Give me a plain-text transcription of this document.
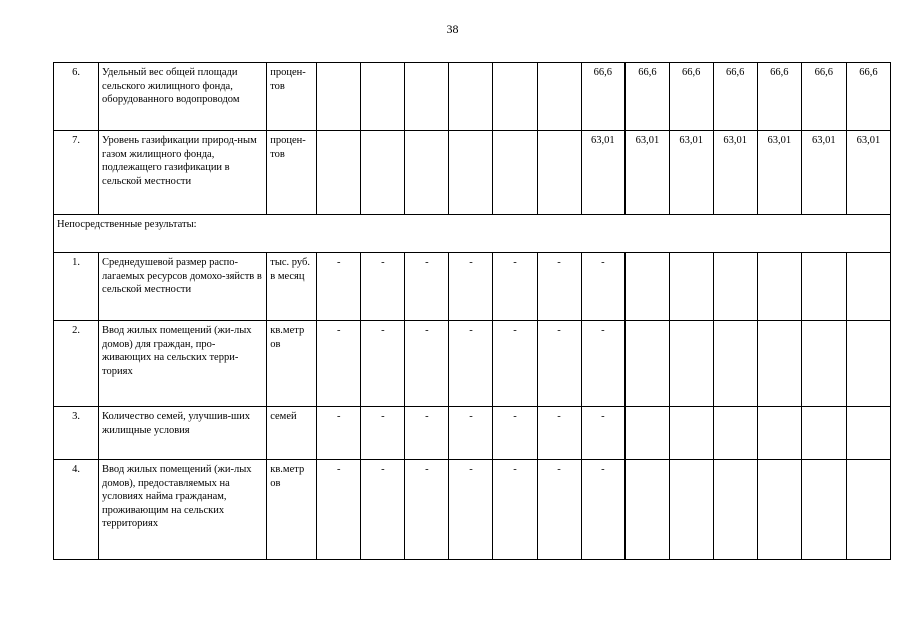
38
6.	Удельный вес общей площади сельского жилищного фонда, оборудованного водопроводом	процен-тов							66,6	66,6	66,6	66,6	66,6	66,6	66,6
7.	Уровень газификации природ-ным газом жилищного фонда, подлежащего газификации в сельской местности	процен-тов							63,01	63,01	63,01	63,01	63,01	63,01	63,01
Непосредственные результаты:															
1.	Среднедушевой размер распо-лагаемых ресурсов домохо-зяйств в сельской местности	тыс. руб. в месяц	-	-	-	-	-	-	-						
2.	Ввод жилых помещений (жи-лых домов) для граждан, про-живающих на сельских терри-ториях	кв.метр ов	-	-	-	-	-	-	-						
3.	Количество семей, улучшив-ших жилищные условия	семей	-	-	-	-	-	-	-						
4.	Ввод жилых помещений (жи-лых домов), предоставляемых на условиях найма гражданам, проживающим на сельских территориях	кв.метр ов	-	-	-	-	-	-	-						
